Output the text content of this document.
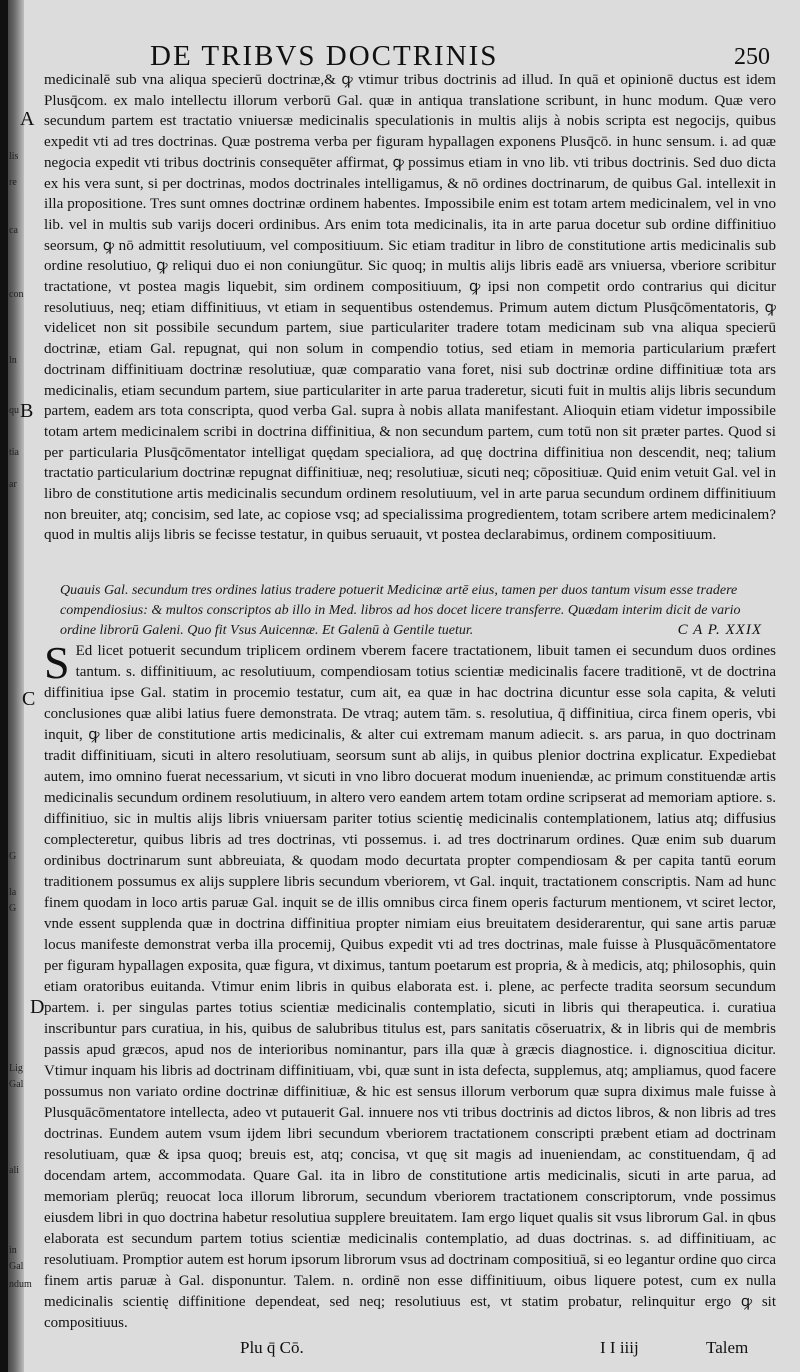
lis
re
ca
con
ln
qu
tia
ar
G
la
G
Lig
Gal
ali
in
Gal
ndum
DE TRIBVS DOCTRINIS	250
A
B
C
D

medicinalē sub vna aliqua specierū doctrinæ,& ꝙ vtimur tribus doctrinis ad illud. In quā et opinionē ductus est idem Plusq̄com. ex malo intellectu illorum verborū Gal. quæ in antiqua translatione scribunt, in hunc modum. Quæ vero secundum partem est tractatio vniuersæ medicinalis speculationis in multis alijs à nobis scripta est negocijs, quibus expedit vti ad tres doctrinas. Quæ postrema verba per figuram hypallagen exponens Plusq̄cō. in hunc sensum. i. ad quæ negocia expedit vti tribus doctrinis consequēter affirmat, ꝙ possimus etiam in vno lib. vti tribus doctrinis. Sed duo dicta ex his vera sunt, si per doctrinas, modos doctrinales intelligamus, & nō ordines doctrinarum, de quibus Gal. intellexit in illa propositione. Tres sunt omnes doctrinæ ordinem habentes. Impossibile enim est totam artem medicinalem, vel in vno lib. vel in multis sub varijs doceri ordinibus. Ars enim tota medicinalis, ita in arte parua docetur sub ordine diffinitiuo seorsum, ꝙ nō admittit resolutiuum, vel compositiuum. Sic etiam traditur in libro de constitutione artis medicinalis sub ordine resolutiuo, ꝙ reliqui duo ei non coniungūtur. Sic quoq; in multis alijs libris eadē ars vniuersa, vberiore scribitur tractatione, vt postea magis liquebit, sim ordinem compositiuum, ꝙ ipsi non competit ordo contrarius qui dicitur resolutiuus, neq; etiam diffinitiuus, vt etiam in sequentibus ostendemus. Primum autem dictum Plusq̄cōmentatoris, ꝙ videlicet non sit possibile secundum partem, siue particulariter tradere totam medicinam sub vna aliqua specierū doctrinæ, etiam Gal. repugnat, qui non solum in compendio totius, sed etiam in memoria particularium præfert doctrinam diffinitiuam doctrinæ resolutiuæ, quæ comparatio vana foret, nisi sub doctrinæ ordine diffinitiuæ tota ars medicinalis, etiam secundum partem, siue particulariter in arte parua traderetur, sicuti fuit in multis alijs libris secundum partem, eadem ars tota conscripta, quod verba Gal. supra à nobis allata manifestant. Alioquin etiam videtur impossibile totam artem medicinalem scribi in doctrina diffinitiua, & non secundum partem, cum totū non sit præter partes. Quod si per particularia Plusq̄cōmentator intelligat quędam specialiora, ad quę doctrina diffinitiua non descendit, neq; talium tractatio particularium doctrinæ repugnat diffinitiuæ, neq; resolutiuæ, sicuti neq; cōpositiuæ. Quid enim vetuit Gal. vel in libro de constitutione artis medicinalis secundum ordinem resolutiuum, vel in arte parua secundum ordinem diffinitiuum non breuiter, atq; concisim, sed late, ac copiose vsq; ad specialissima progredientem, totam scribere artem medicinalem? quod in multis alijs libris se fecisse testatur, in quibus seruauit, vt postea declarabimus, ordinem compositiuum.

Quauis Gal. secundum tres ordines latius tradere potuerit Medicinæ artē eius, tamen per duos tantum visum esse tradere compendiosius: & multos conscriptos ab illo in Med. libros ad hos docet licere transferre. Quædam interim dicit de vario ordine librorū Galeni. Quo fit Vsus Auicennæ. Et Galenū à Gentile tuetur.	C A P. XXIX
S Ed licet potuerit secundum triplicem ordinem vberem facere tractationem, libuit tamen ei secundum duos ordines tantum. s. diffinitiuum, ac resolutiuum, compendiosam totius scientiæ medicinalis facere traditionē, vt de doctrina diffinitiua ipse Gal. statim in procemio testatur, cum ait, ea quæ in hac doctrina dicuntur esse sola capita, & veluti conclusiones quæ alibi latius fuere demonstrata. De vtraq; autem tām. s. resolutiua, q̄ diffinitiua, circa finem operis, vbi inquit, ꝙ liber de constitutione artis medicinalis, & alter cui extremam manum adiecit. s. ars parua, in quo doctrinam tradit diffinitiuam, sicuti in altero resolutiuam, seorsum sunt ab alijs, in quibus plenior doctrina explicatur. Expediebat autem, imo omnino fuerat necessarium, vt sicuti in vno libro docuerat modum inueniendæ, ac primum constituendæ artis medicinalis secundum ordinem resolutiuum, in altero vero eandem artem totam ordine scripserat ad memoriam aptiore. s. diffinitiuo, sic in multis alijs libris vniuersam pariter totius scientię medicinalis contemplationem, latius atq; diffusius complecteretur, quibus libris ad tres doctrinas, vti possemus. i. ad tres doctrinarum ordines. Quæ enim sub duarum ordinibus doctrinarum sunt abbreuiata, & quodam modo decurtata propter compendiosam & per capita tantū eorum traditionem possumus ex alijs supplere libris secundum vberiorem, vt Gal. inquit, tractationem conscriptis. Nam ad hunc finem quodam in loco artis paruæ Gal. inquit se de illis omnibus circa finem operis facturum mentionem, vt sciret lector, vnde essent supplenda quæ in doctrina diffinitiua propter nimiam eius breuitatem desiderarentur, qui sane artis paruæ locus manifeste demonstrat verba illa procemij, Quibus expedit vti ad tres doctrinas, male fuisse à Plusquācōmentatore per figuram hypallagen exposita, quæ figura, vt diximus, tantum poetarum est propria, & à medicis, atq; philosophis, quin etiam oratoribus euitanda. Vtimur enim libris in quibus elaborata est. i. plene, ac perfecte tradita seorsum secundum partem. i. per singulas partes totius scientiæ medicinalis contemplatio, sicuti in libris qui therapeutica. i. curatiua inscribuntur pars curatiua, in his, quibus de salubribus titulus est, pars sanitatis cōseruatrix, & in libris qui de membris passis apud græcos, apud nos de interioribus nominantur, pars illa quæ à græcis diagnostice. i. dignoscitiua dicitur. Vtimur inquam his libris ad doctrinam diffinitiuam, vbi, quæ sunt in ista defecta, supplemus, atq; ampliamus, quod facere possumus non variato ordine doctrinæ diffinitiuæ, & hic est sensus illorum verborum quæ supra diximus male fuisse à Plusquācōmentatore intellecta, adeo vt putauerit Gal. innuere nos vti tribus doctrinis ad dictos libros, & non libris ad tres doctrinas. Eundem autem vsum ijdem libri secundum vberiorem tractationem conscripti præbent etiam ad doctrinam resolutiuam, quæ & ipsa quoq; breuis est, atq; concisa, vt quę sit magis ad inueniendam, ac constituendam, q̄ ad docendam artem, accommodata. Quare Gal. ita in libro de constitutione artis medicinalis, sicuti in arte parua, ad memoriam plerūq; reuocat loca illorum librorum, secundum vberiorem tractationem conscriptorum, vnde possimus eiusdem libri in quo doctrina habetur resolutiua supplere breuitatem. Iam ergo liquet qualis sit vsus librorum Gal. in qbus elaborata est secundum partem totius scientiæ medicinalis contemplatio, ad duas doctrinas. s. ad diffinitiuam, ac resolutiuam. Promptior autem est horum ipsorum librorum vsus ad doctrinam compositiuā, si eo legantur ordine quo circa finem artis paruæ à Gal. disponuntur. Talem. n. ordinē non esse diffinitiuum, oibus liquere potest, cum ex nulla medicinalis scientię diffinitione dependeat, sed neq; resolutiuus est, vt statim probatur, relinquitur ergo ꝙ sit compositiuus.
Plu q̄ Cō.	I I iiij	Talem
